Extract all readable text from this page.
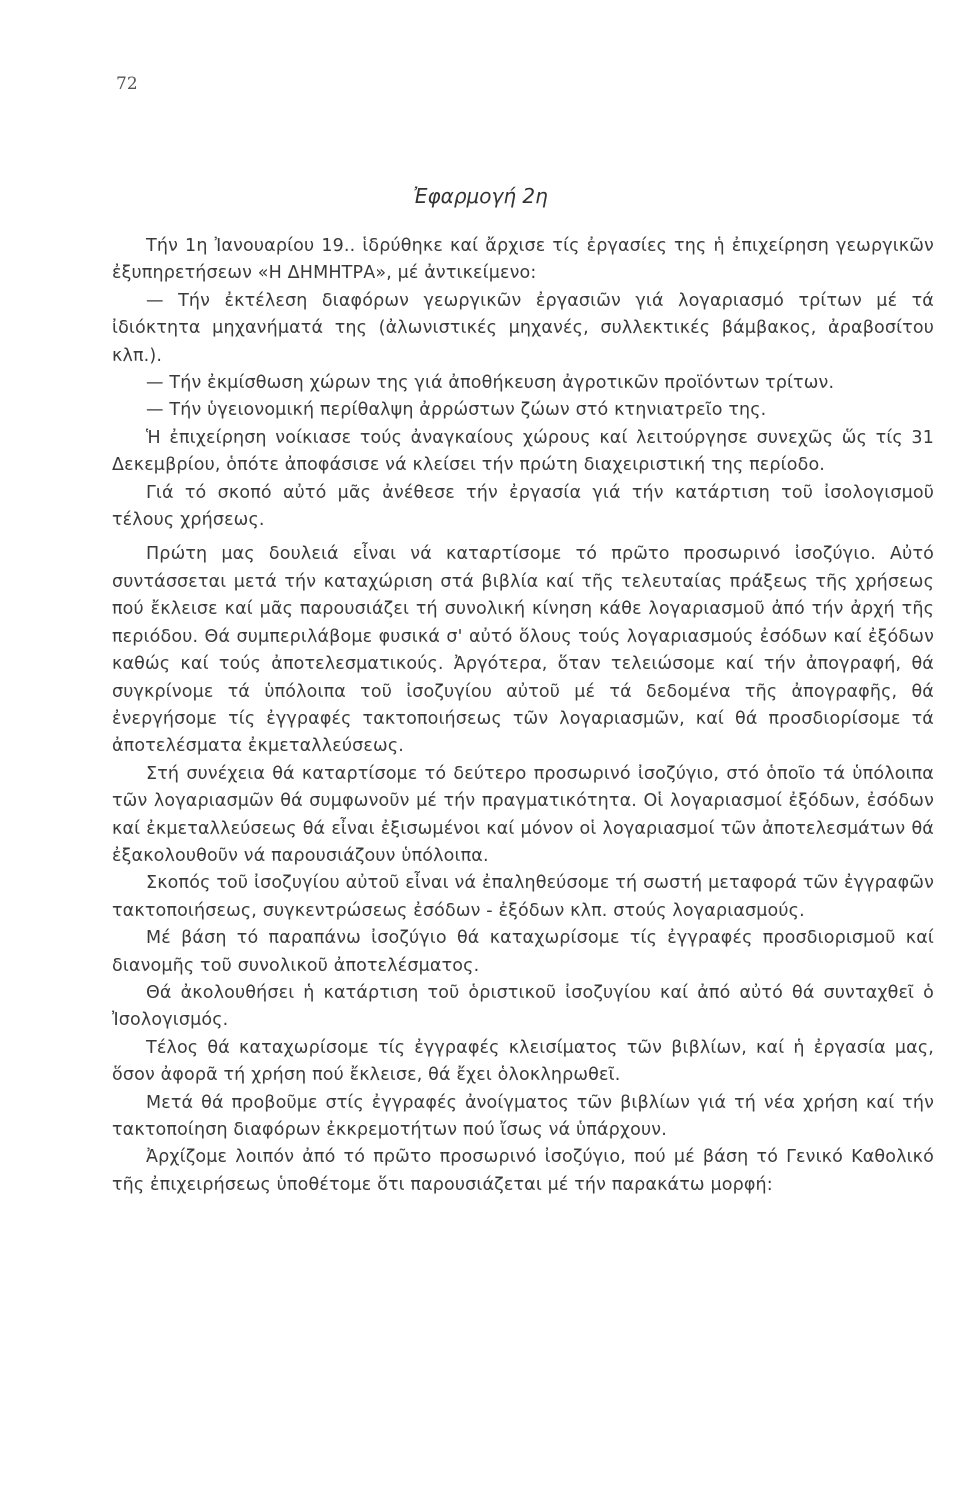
72
Ἐφαρμογή 2η

Τήν 1η Ἰανουαρίου 19.. ἱδρύθηκε καί ἄρχισε τίς ἐργασίες της ἡ ἐπιχείρηση γεωργικῶν ἐξυπηρετήσεων «Η ΔΗΜΗΤΡΑ», μέ ἀντικείμενο:

— Τήν ἐκτέλεση διαφόρων γεωργικῶν ἐργασιῶν γιά λογαριασμό τρίτων μέ τά ἰδιόκτητα μηχανήματά της (ἀλωνιστικές μηχανές, συλλεκτικές βάμβακος, ἀραβοσίτου κλπ.).

— Τήν ἐκμίσθωση χώρων της γιά ἀποθήκευση ἀγροτικῶν προϊόντων τρίτων.

— Τήν ὑγειονομική περίθαλψη ἀρρώστων ζώων στό κτηνιατρεῖο της.

Ἡ ἐπιχείρηση νοίκιασε τούς ἀναγκαίους χώρους καί λειτούργησε συνεχῶς ὥς τίς 31 Δεκεμβρίου, ὁπότε ἀποφάσισε νά κλείσει τήν πρώτη διαχειριστική της περίοδο.

Γιά τό σκοπό αὐτό μᾶς ἀνέθεσε τήν ἐργασία γιά τήν κατάρτιση τοῦ ἰσολογισμοῦ τέλους χρήσεως.

Πρώτη μας δουλειά εἶναι νά καταρτίσομε τό πρῶτο προσωρινό ἰσοζύγιο. Αὐτό συντάσσεται μετά τήν καταχώριση στά βιβλία καί τῆς τελευταίας πράξεως τῆς χρήσεως πού ἔκλεισε καί μᾶς παρουσιάζει τή συνολική κίνηση κάθε λογαριασμοῦ ἀπό τήν ἀρχή τῆς περιόδου. Θά συμπεριλάβομε φυσικά σ' αὐτό ὅλους τούς λογαριασμούς ἐσόδων καί ἐξόδων καθώς καί τούς ἀποτελεσματικούς. Ἀργότερα, ὅταν τελειώσομε καί τήν ἀπογραφή, θά συγκρίνομε τά ὑπόλοιπα τοῦ ἰσοζυγίου αὐτοῦ μέ τά δεδομένα τῆς ἀπογραφῆς, θά ἐνεργήσομε τίς ἐγγραφές τακτοποιήσεως τῶν λογαριασμῶν, καί θά προσδιορίσομε τά ἀποτελέσματα ἐκμεταλλεύσεως.

Στή συνέχεια θά καταρτίσομε τό δεύτερο προσωρινό ἰσοζύγιο, στό ὁποῖο τά ὑπόλοιπα τῶν λογαριασμῶν θά συμφωνοῦν μέ τήν πραγματικότητα. Οἱ λογαριασμοί ἐξόδων, ἐσόδων καί ἐκμεταλλεύσεως θά εἶναι ἐξισωμένοι καί μόνον οἱ λογαριασμοί τῶν ἀποτελεσμάτων θά ἐξακολουθοῦν νά παρουσιάζουν ὑπόλοιπα.

Σκοπός τοῦ ἰσοζυγίου αὐτοῦ εἶναι νά ἐπαληθεύσομε τή σωστή μεταφορά τῶν ἐγγραφῶν τακτοποιήσεως, συγκεντρώσεως ἐσόδων - ἐξόδων κλπ. στούς λογαριασμούς.

Μέ βάση τό παραπάνω ἰσοζύγιο θά καταχωρίσομε τίς ἐγγραφές προσδιορισμοῦ καί διανομῆς τοῦ συνολικοῦ ἀποτελέσματος.

Θά ἀκολουθήσει ἡ κατάρτιση τοῦ ὁριστικοῦ ἰσοζυγίου καί ἀπό αὐτό θά συνταχθεῖ ὁ Ἰσολογισμός.

Τέλος θά καταχωρίσομε τίς ἐγγραφές κλεισίματος τῶν βιβλίων, καί ἡ ἐργασία μας, ὅσον ἀφορᾶ τή χρήση πού ἔκλεισε, θά ἔχει ὁλοκληρωθεῖ.

Μετά θά προβοῦμε στίς ἐγγραφές ἀνοίγματος τῶν βιβλίων γιά τή νέα χρήση καί τήν τακτοποίηση διαφόρων ἐκκρεμοτήτων πού ἴσως νά ὑπάρχουν.

Ἀρχίζομε λοιπόν ἀπό τό πρῶτο προσωρινό ἰσοζύγιο, πού μέ βάση τό Γενικό Καθολικό τῆς ἐπιχειρήσεως ὑποθέτομε ὅτι παρουσιάζεται μέ τήν παρακάτω μορφή:
